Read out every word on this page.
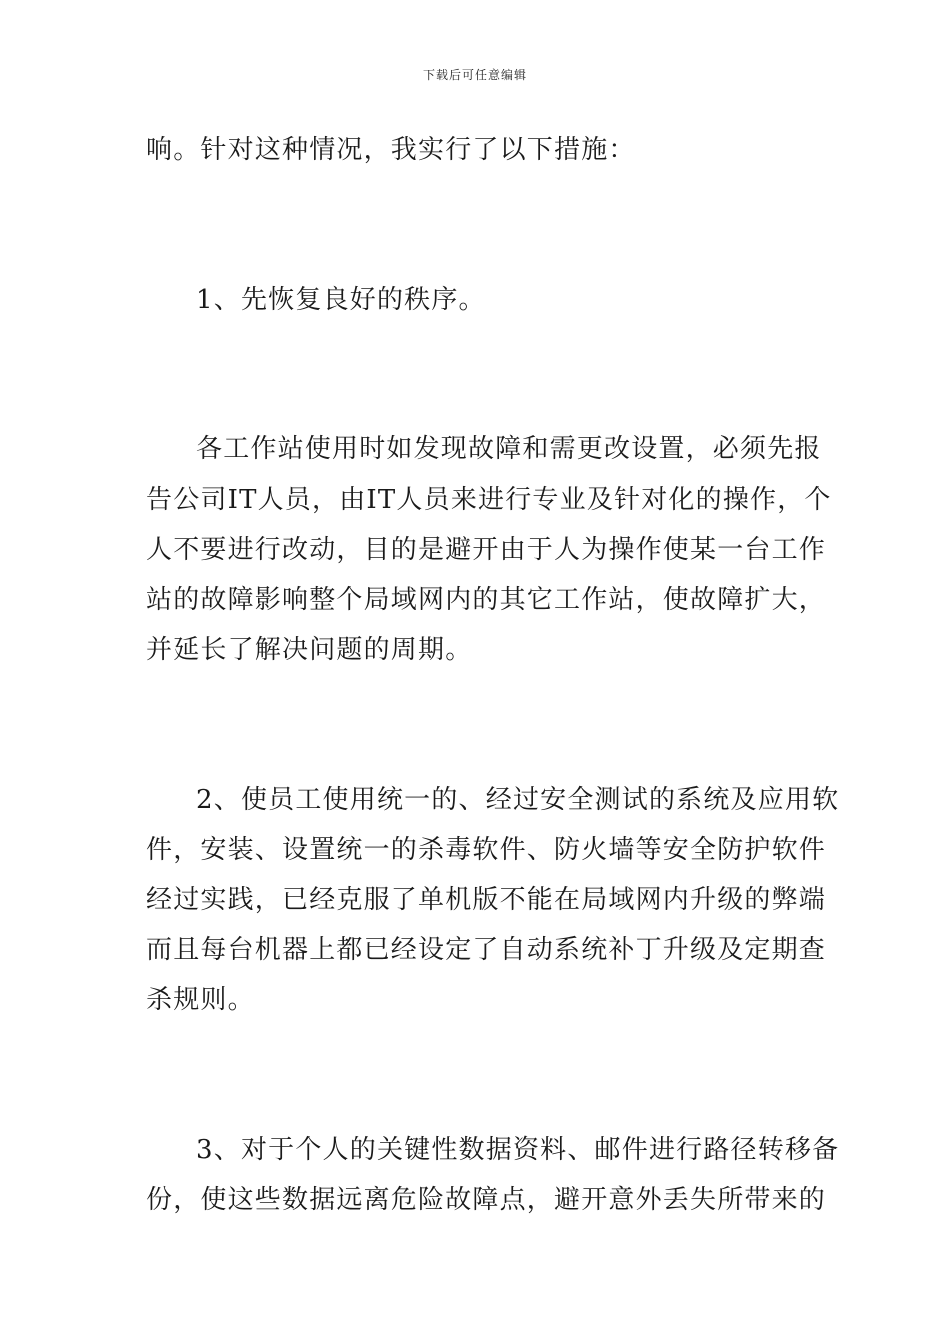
下载后可任意编辑
响。针对这种情况，我实行了以下措施：
1、先恢复良好的秩序。
各工作站使用时如发现故障和需更改设置，必须先报
告公司IT人员，由IT人员来进行专业及针对化的操作，个
人不要进行改动，目的是避开由于人为操作使某一台工作
站的故障影响整个局域网内的其它工作站，使故障扩大，
并延长了解决问题的周期。
2、使员工使用统一的、经过安全测试的系统及应用软
件，安装、设置统一的杀毒软件、防火墙等安全防护软件
经过实践，已经克服了单机版不能在局域网内升级的弊端
而且每台机器上都已经设定了自动系统补丁升级及定期查
杀规则。
3、对于个人的关键性数据资料、邮件进行路径转移备
份，使这些数据远离危险故障点，避开意外丢失所带来的
